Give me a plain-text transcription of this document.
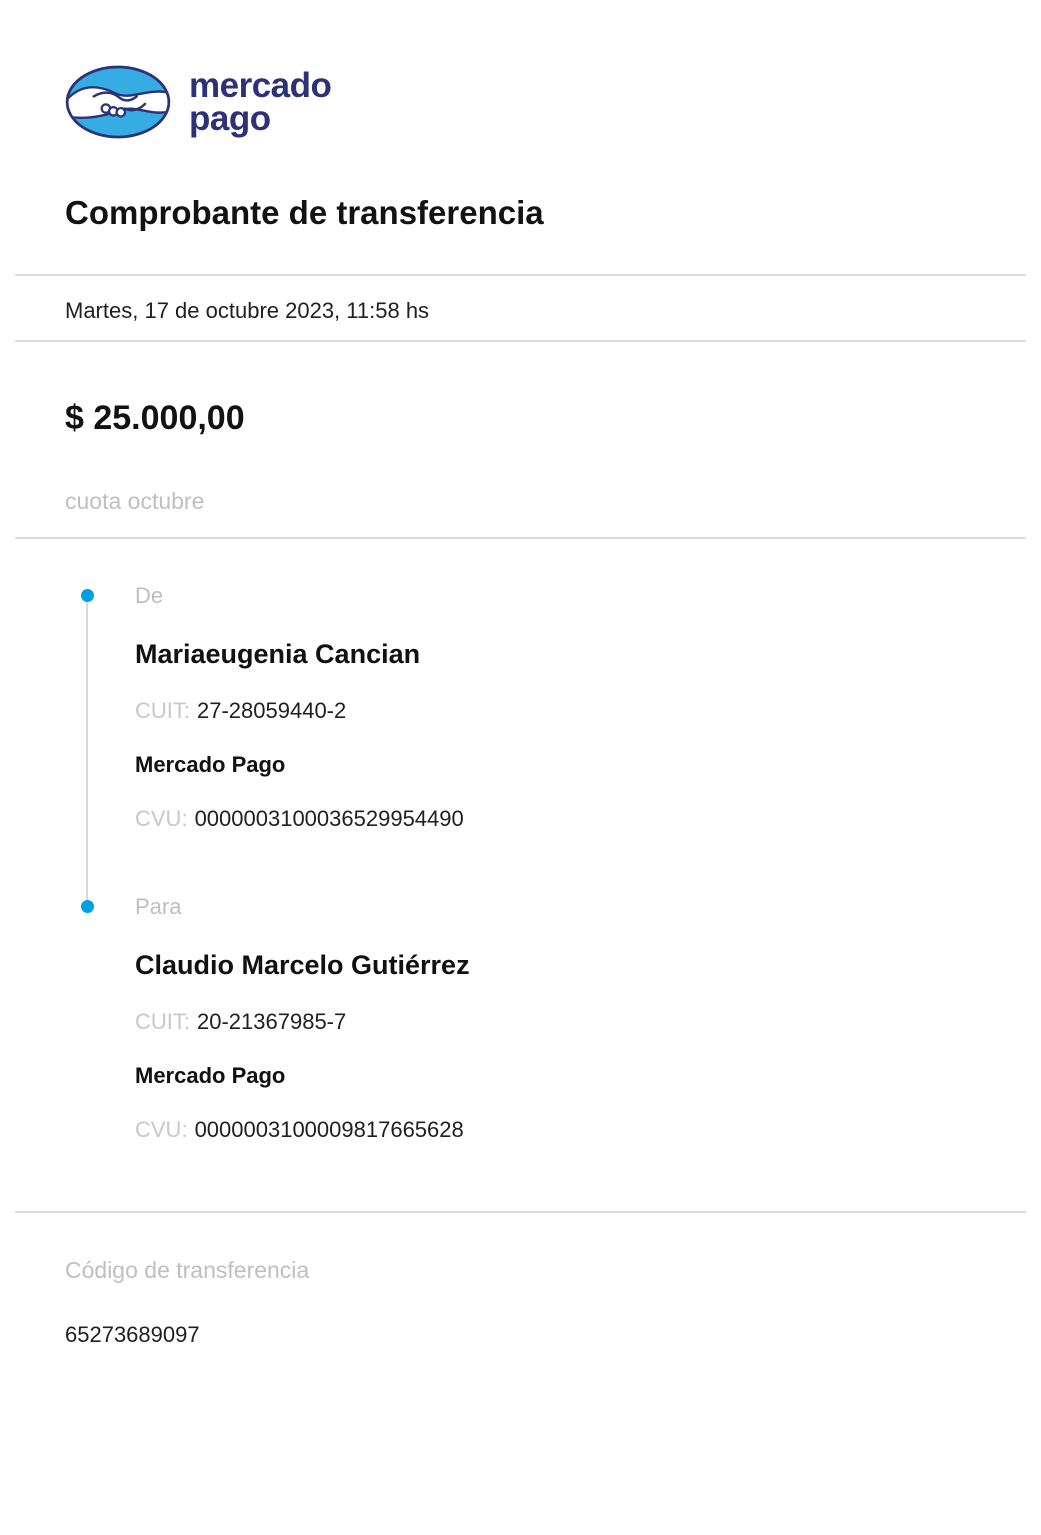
mercado
pago
Comprobante de transferencia
Martes, 17 de octubre 2023, 11:58 hs
$ 25.000,00
cuota octubre
De
Mariaeugenia Cancian
CUIT: 27-28059440-2
Mercado Pago
CVU: 0000003100036529954490
Para
Claudio Marcelo Gutiérrez
CUIT: 20-21367985-7
Mercado Pago
CVU: 0000003100009817665628
Código de transferencia
65273689097
